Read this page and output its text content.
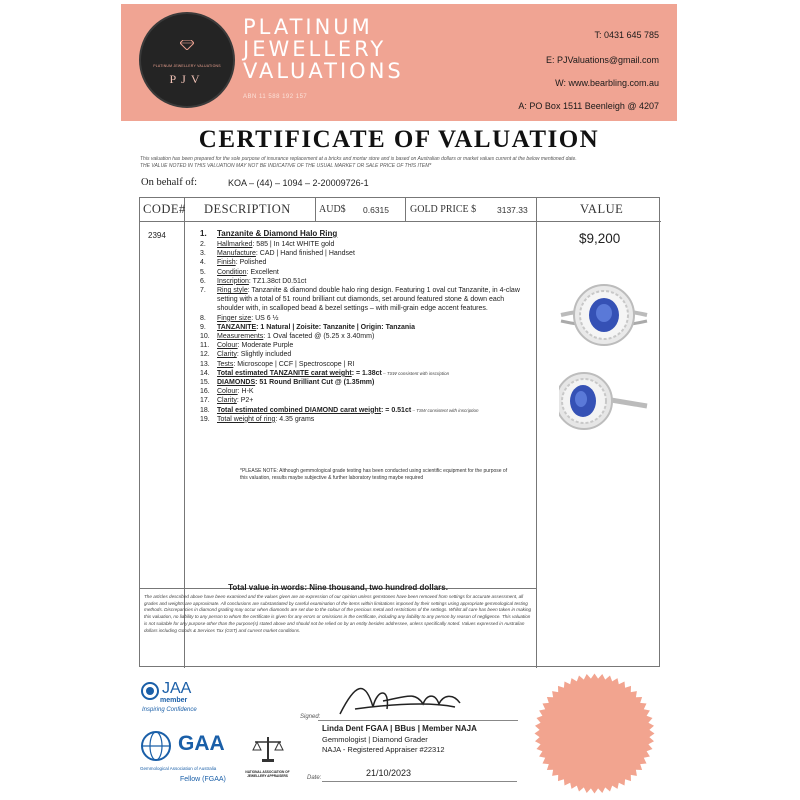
PLATINUM JEWELLERY VALUATIONS
PJV
PLATINUM
JEWELLERY
VALUATIONS
ABN 11 588 192 157
T: 0431 645 785
E: PJValuations@gmail.com
W: www.bearbling.com.au
A: PO Box 1511 Beenleigh @ 4207
CERTIFICATE OF VALUATION
This valuation has been prepared for the sole purpose of insurance replacement at a bricks and mortar store and is based on Australian dollars or market values current at the below mentioned date.
THE VALUE NOTED IN THIS VALUATION MAY NOT BE INDICATIVE OF THE USUAL MARKET OR SALE PRICE OF THIS ITEM*
On behalf of:	KOA – (44) – 1094 – 2-20009726-1
CODE# DESCRIPTION	AUD$ 0.6315 GOLD PRICE $ 3137.33	VALUE
2394	$9,200
1. Tanzanite & Diamond Halo Ring
2. Hallmarked: 585 | In 14ct WHITE gold
3. Manufacture: CAD | Hand finished | Handset
4. Finish: Polished
5. Condition: Excellent
6. Inscription: TZ1.38ct D0.51ct
7. Ring style: Tanzanite & diamond double halo ring design. Featuring 1 oval cut Tanzanite, in 4-claw setting with a total of 51 round brilliant cut diamonds, set around featured stone & down each shoulder with, in scalloped bead & bezel settings – with mill-grain edge accent features.
8. Finger size: US 6 ½
9. TANZANITE: 1 Natural | Zoisite: Tanzanite | Origin: Tanzania
10. Measurements: 1 Oval faceted @ (5.25 x 3.40mm)
11. Colour: Moderate Purple
12. Clarity: Slightly included
13. Tests: Microscope | CCF | Spectroscope | RI
14. Total estimated TANZANITE carat weight: = 1.38ct – TSW consistent with inscription
15. DIAMONDS: 51 Round Brilliant Cut @ (1.35mm)
16. Colour: H-K
17. Clarity: P2+
18. Total estimated combined DIAMOND carat weight: = 0.51ct – TSW consistent with inscription
19. Total weight of ring: 4.35 grams
*PLEASE NOTE: Although gemmological grade testing has been conducted using scientific equipment for the purpose of this valuation, results maybe subjective & further laboratory testing maybe required
Total value in words: Nine thousand, two hundred dollars.
The articles described above have been examined and the values given are an expression of our opinion unless gemstones have been removed from settings for accurate assessment, all grades and weights are approximate. All conclusions are substantiated by careful examination of the items within limitations imposed by their settings using appropriate gemmological testing methods. Discrepancies in diamond grading may occur when diamonds are set due to the colour of the precious metal and restrictions of the settings. Whilst all care has been taken in making this valuation, no liability to any person to whom the certificate is given for any errors or omissions in the certificate, including any liability to any person by reason of negligence. This valuation is not suitable for any purpose other than the purpose(s) stated above and should not be relied on by an entity besides addressee, unless specifically noted. Values expressed in Australian dollars including Goods & Services Tax (GST) and current market conditions.
JAA
member
Inspiring Confidence
GAA
Gemmological Association of Australia
Fellow (FGAA)
NATIONAL ASSOCIATION OF JEWELLERY APPRAISERS
Signed:
Linda Dent FGAA | BBus | Member NAJA
Gemmologist | Diamond Grader
NAJA - Registered Appraiser #22312
Date:	21/10/2023
